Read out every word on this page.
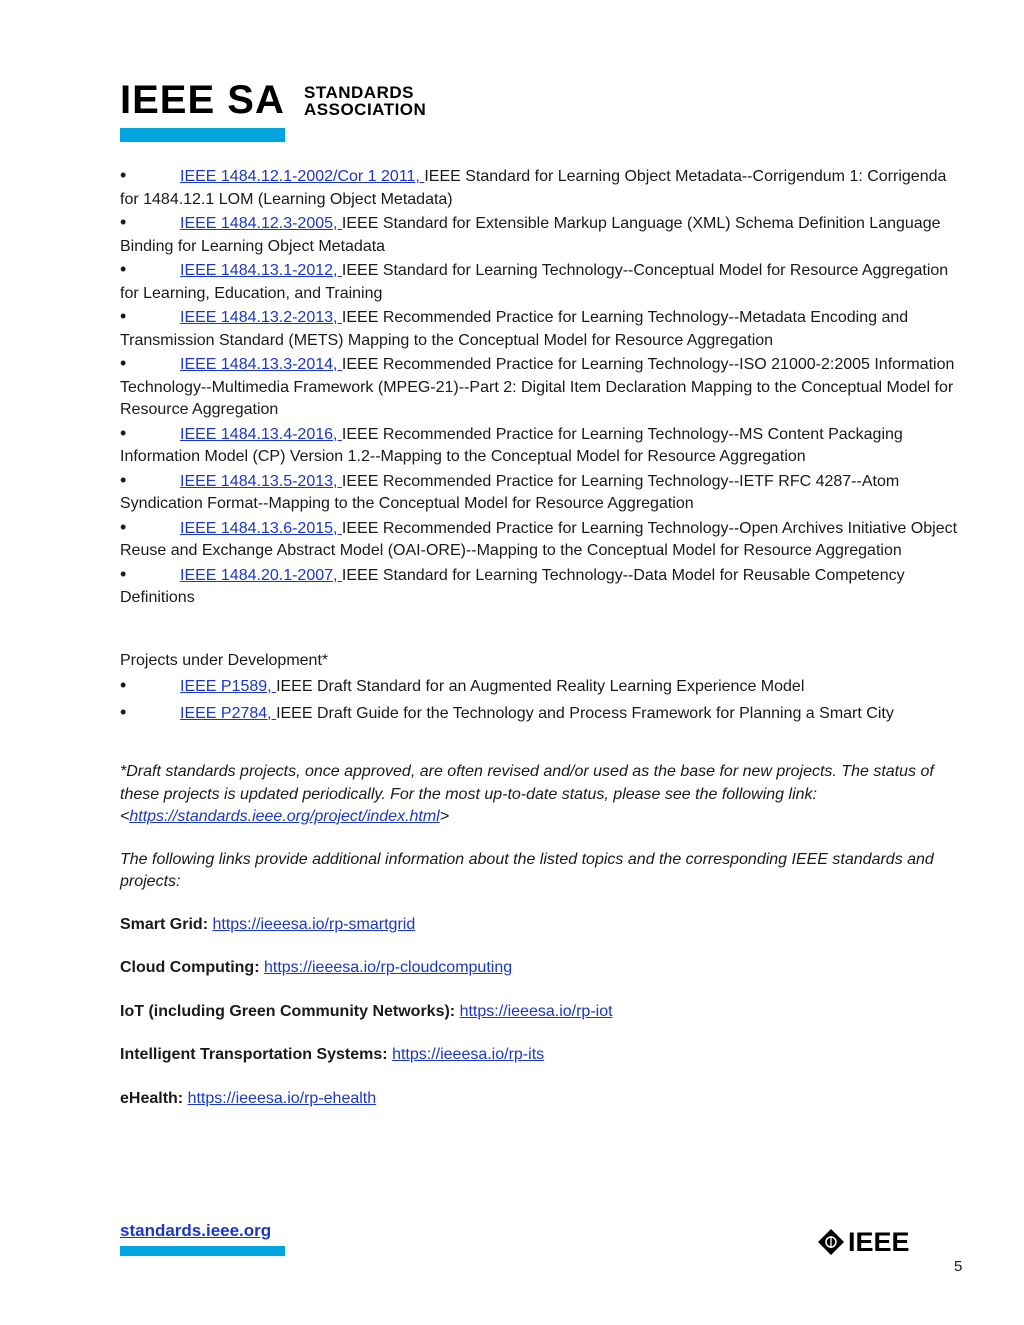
IEEE SA STANDARDS
ASSOCIATION
•	IEEE 1484.12.1-2002/Cor 1 2011, IEEE Standard for Learning Object Metadata--Corrigendum 1: Corrigenda for 1484.12.1 LOM (Learning Object Metadata)
•	IEEE 1484.12.3-2005, IEEE Standard for Extensible Markup Language (XML) Schema Definition Language Binding for Learning Object Metadata
•	IEEE 1484.13.1-2012, IEEE Standard for Learning Technology--Conceptual Model for Resource Aggregation for Learning, Education, and Training
•	IEEE 1484.13.2-2013, IEEE Recommended Practice for Learning Technology--Metadata Encoding and Transmission Standard (METS) Mapping to the Conceptual Model for Resource Aggregation
•	IEEE 1484.13.3-2014, IEEE Recommended Practice for Learning Technology--ISO 21000-2:2005 Information Technology--Multimedia Framework (MPEG-21)--Part 2: Digital Item Declaration Mapping to the Conceptual Model for Resource Aggregation
•	IEEE 1484.13.4-2016, IEEE Recommended Practice for Learning Technology--MS Content Packaging Information Model (CP) Version 1.2--Mapping to the Conceptual Model for Resource Aggregation
•	IEEE 1484.13.5-2013, IEEE Recommended Practice for Learning Technology--IETF RFC 4287--Atom Syndication Format--Mapping to the Conceptual Model for Resource Aggregation
•	IEEE 1484.13.6-2015, IEEE Recommended Practice for Learning Technology--Open Archives Initiative Object Reuse and Exchange Abstract Model (OAI-ORE)--Mapping to the Conceptual Model for Resource Aggregation
•	IEEE 1484.20.1-2007, IEEE Standard for Learning Technology--Data Model for Reusable Competency Definitions
Projects under Development*
•	IEEE P1589, IEEE Draft Standard for an Augmented Reality Learning Experience Model
•	IEEE P2784, IEEE Draft Guide for the Technology and Process Framework for Planning a Smart City
*Draft standards projects, once approved, are often revised and/or used as the base for new projects. The status of these projects is updated periodically. For the most up-to-date status, please see the following link:
<https://standards.ieee.org/project/index.html>
The following links provide additional information about the listed topics and the corresponding IEEE standards and projects:
Smart Grid: https://ieeesa.io/rp-smartgrid
Cloud Computing: https://ieeesa.io/rp-cloudcomputing
IoT (including Green Community Networks): https://ieeesa.io/rp-iot
Intelligent Transportation Systems: https://ieeesa.io/rp-its
eHealth: https://ieeesa.io/rp-ehealth
standards.ieee.org	IEEE
5
